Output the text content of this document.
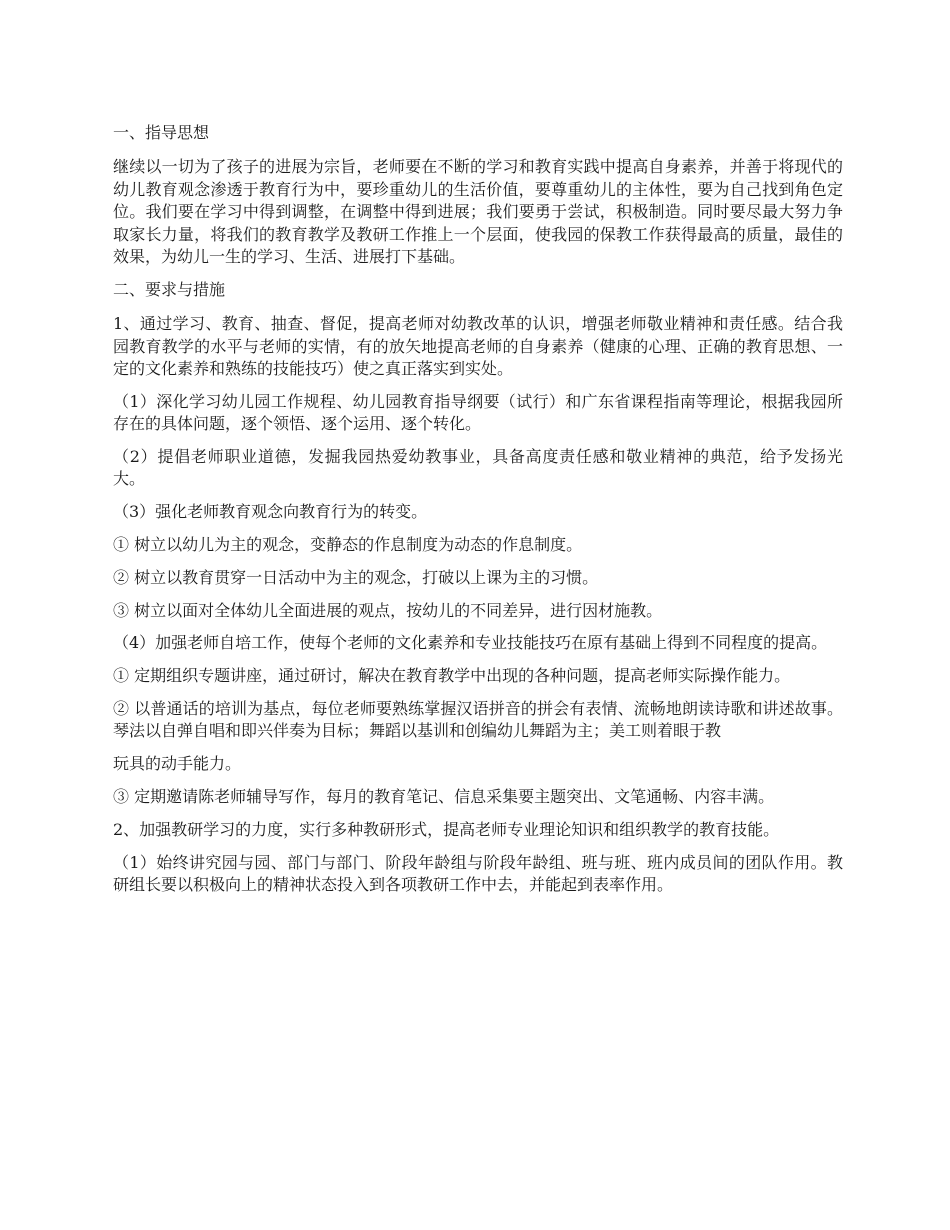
一、指导思想

继续以一切为了孩子的进展为宗旨，老师要在不断的学习和教育实践中提高自身素养，并善于将现代的幼儿教育观念渗透于教育行为中，要珍重幼儿的生活价值，要尊重幼儿的主体性，要为自己找到角色定位。我们要在学习中得到调整，在调整中得到进展；我们要勇于尝试，积极制造。同时要尽最大努力争取家长力量，将我们的教育教学及教研工作推上一个层面，使我园的保教工作获得最高的质量，最佳的效果，为幼儿一生的学习、生活、进展打下基础。

二、要求与措施

1、通过学习、教育、抽查、督促，提高老师对幼教改革的认识，增强老师敬业精神和责任感。结合我园教育教学的水平与老师的实情，有的放矢地提高老师的自身素养（健康的心理、正确的教育思想、一定的文化素养和熟练的技能技巧）使之真正落实到实处。

（1）深化学习幼儿园工作规程、幼儿园教育指导纲要（试行）和广东省课程指南等理论，根据我园所存在的具体问题，逐个领悟、逐个运用、逐个转化。

（2）提倡老师职业道德，发掘我园热爱幼教事业，具备高度责任感和敬业精神的典范，给予发扬光大。

（3）强化老师教育观念向教育行为的转变。

① 树立以幼儿为主的观念，变静态的作息制度为动态的作息制度。

② 树立以教育贯穿一日活动中为主的观念，打破以上课为主的习惯。

③ 树立以面对全体幼儿全面进展的观点，按幼儿的不同差异，进行因材施教。

（4）加强老师自培工作，使每个老师的文化素养和专业技能技巧在原有基础上得到不同程度的提高。

① 定期组织专题讲座，通过研讨，解决在教育教学中出现的各种问题，提高老师实际操作能力。

② 以普通话的培训为基点，每位老师要熟练掌握汉语拼音的拼会有表情、流畅地朗读诗歌和讲述故事。琴法以自弹自唱和即兴伴奏为目标；舞蹈以基训和创编幼儿舞蹈为主；美工则着眼于教

玩具的动手能力。

③ 定期邀请陈老师辅导写作，每月的教育笔记、信息采集要主题突出、文笔通畅、内容丰满。

2、加强教研学习的力度，实行多种教研形式，提高老师专业理论知识和组织教学的教育技能。

（1）始终讲究园与园、部门与部门、阶段年龄组与阶段年龄组、班与班、班内成员间的团队作用。教研组长要以积极向上的精神状态投入到各项教研工作中去，并能起到表率作用。
